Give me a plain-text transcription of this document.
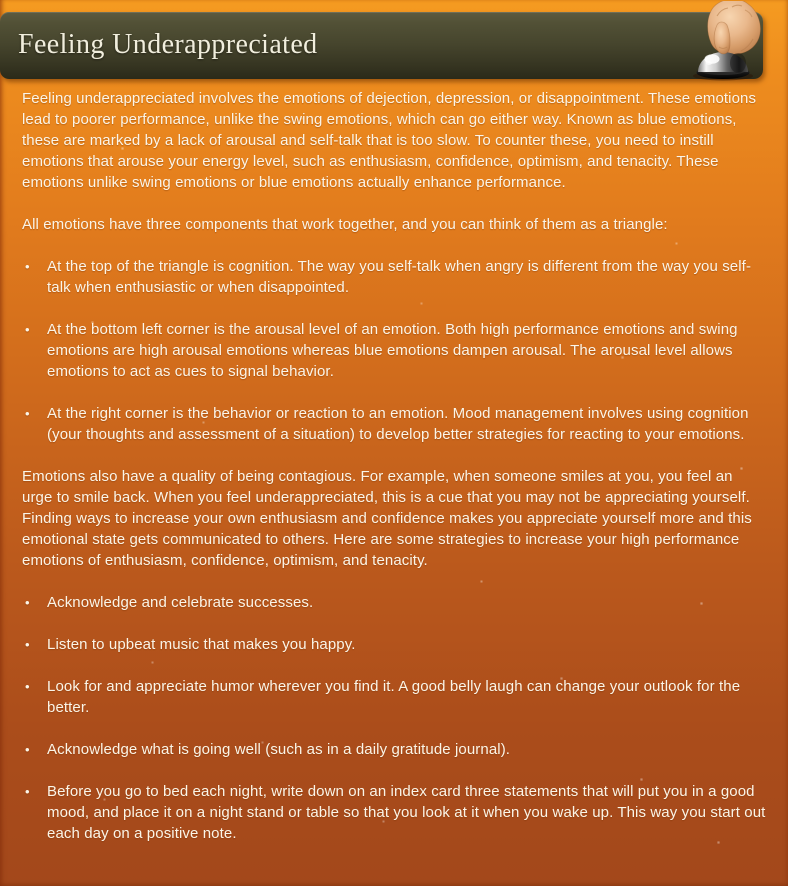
Feeling Underappreciated

Feeling underappreciated involves the emotions of dejection, depression, or disappointment. These emotions lead to poorer performance, unlike the swing emotions, which can go either way. Known as blue emotions, these are marked by a lack of arousal and self-talk that is too slow. To counter these, you need to instill emotions that arouse your energy level, such as enthusiasm, confidence, optimism, and tenacity. These emotions unlike swing emotions or blue emotions actually enhance performance.

All emotions have three components that work together, and you can think of them as a triangle:

• At the top of the triangle is cognition. The way you self-talk when angry is different from the way you self-talk when enthusiastic or when disappointed.
• At the bottom left corner is the arousal level of an emotion. Both high performance emotions and swing emotions are high arousal emotions whereas blue emotions dampen arousal. The arousal level allows emotions to act as cues to signal behavior.
• At the right corner is the behavior or reaction to an emotion. Mood management involves using cognition (your thoughts and assessment of a situation) to develop better strategies for reacting to your emotions.

Emotions also have a quality of being contagious. For example, when someone smiles at you, you feel an urge to smile back. When you feel underappreciated, this is a cue that you may not be appreciating yourself. Finding ways to increase your own enthusiasm and confidence makes you appreciate yourself more and this emotional state gets communicated to others. Here are some strategies to increase your high performance emotions of enthusiasm, confidence, optimism, and tenacity.

• Acknowledge and celebrate successes.
• Listen to upbeat music that makes you happy.
• Look for and appreciate humor wherever you find it. A good belly laugh can change your outlook for the better.
• Acknowledge what is going well (such as in a daily gratitude journal).
• Before you go to bed each night, write down on an index card three statements that will put you in a good mood, and place it on a night stand or table so that you look at it when you wake up. This way you start out each day on a positive note.
